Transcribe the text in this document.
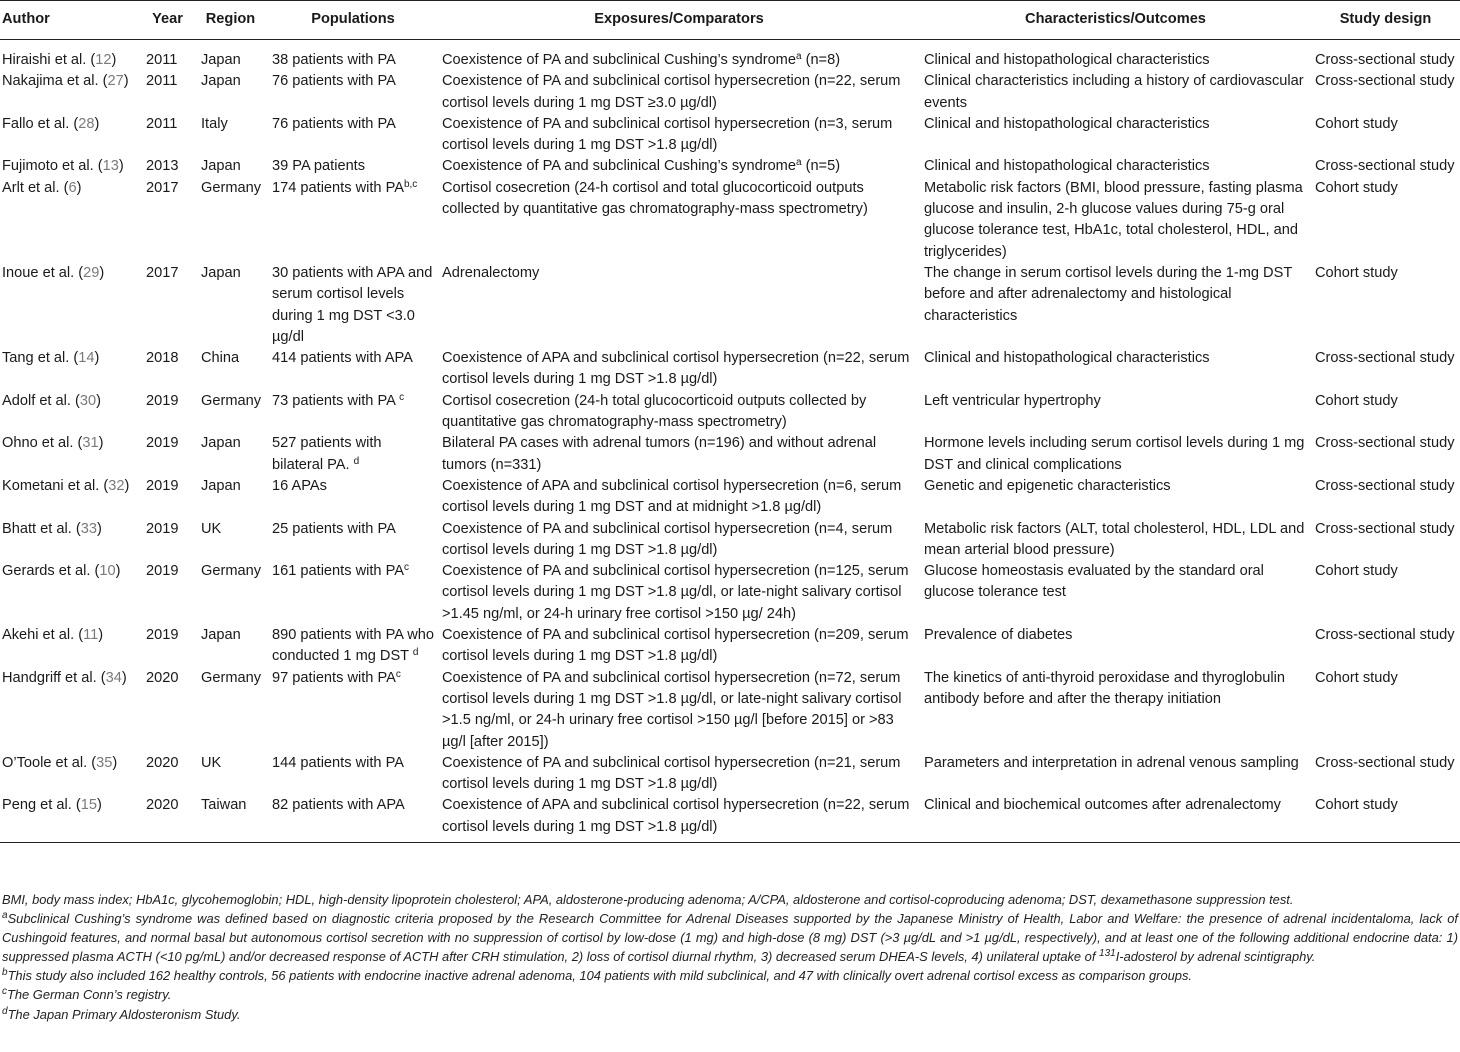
Author	Year	Region	Populations	Exposures/Comparators	Characteristics/Outcomes	Study design
Hiraishi et al. (12)	2011	Japan	38 patients with PA	Coexistence of PA and subclinical Cushing’s syndrome$^a$ (n=8)	Clinical and histopathological characteristics	Cross-sectional study
Nakajima et al. (27)	2011	Japan	76 patients with PA	Coexistence of PA and subclinical cortisol hypersecretion (n=22, serum cortisol levels during 1 mg DST ≥3.0 µg/dl)	Clinical characteristics including a history of cardiovascular events	Cross-sectional study
Fallo et al. (28)	2011	Italy	76 patients with PA	Coexistence of PA and subclinical cortisol hypersecretion (n=3, serum cortisol levels during 1 mg DST >1.8 µg/dl)	Clinical and histopathological characteristics	Cohort study
Fujimoto et al. (13)	2013	Japan	39 PA patients	Coexistence of PA and subclinical Cushing’s syndrome$^a$ (n=5)	Clinical and histopathological characteristics	Cross-sectional study
Arlt et al. (6)	2017	Germany	174 patients with PA$^{b,c}$	Cortisol cosecretion (24-h cortisol and total glucocorticoid outputs collected by quantitative gas chromatography-mass spectrometry)	Metabolic risk factors (BMI, blood pressure, fasting plasma glucose and insulin, 2-h glucose values during 75-g oral glucose tolerance test, HbA1c, total cholesterol, HDL, and triglycerides)	Cohort study
Inoue et al. (29)	2017	Japan	30 patients with APA and serum cortisol levels during 1 mg DST <3.0 µg/dl	Adrenalectomy	The change in serum cortisol levels during the 1-mg DST before and after adrenalectomy and histological characteristics	Cohort study
Tang et al. (14)	2018	China	414 patients with APA	Coexistence of APA and subclinical cortisol hypersecretion (n=22, serum cortisol levels during 1 mg DST >1.8 µg/dl)	Clinical and histopathological characteristics	Cross-sectional study
Adolf et al. (30)	2019	Germany	73 patients with PA $^c$	Cortisol cosecretion (24-h total glucocorticoid outputs collected by quantitative gas chromatography-mass spectrometry)	Left ventricular hypertrophy	Cohort study
Ohno et al. (31)	2019	Japan	527 patients with bilateral PA. $^d$	Bilateral PA cases with adrenal tumors (n=196) and without adrenal tumors (n=331)	Hormone levels including serum cortisol levels during 1 mg DST and clinical complications	Cross-sectional study
Kometani et al. (32)	2019	Japan	16 APAs	Coexistence of APA and subclinical cortisol hypersecretion (n=6, serum cortisol levels during 1 mg DST and at midnight >1.8 µg/dl)	Genetic and epigenetic characteristics	Cross-sectional study
Bhatt et al. (33)	2019	UK	25 patients with PA	Coexistence of PA and subclinical cortisol hypersecretion (n=4, serum cortisol levels during 1 mg DST >1.8 µg/dl)	Metabolic risk factors (ALT, total cholesterol, HDL, LDL and mean arterial blood pressure)	Cross-sectional study
Gerards et al. (10)	2019	Germany	161 patients with $PA^c$	Coexistence of PA and subclinical cortisol hypersecretion (n=125, serum cortisol levels during 1 mg DST >1.8 µg/dl, or late-night salivary cortisol >1.45 ng/ml, or 24-h urinary free cortisol >150 µg/ 24h)	Glucose homeostasis evaluated by the standard oral glucose tolerance test	Cohort study
Akehi et al. (11)	2019	Japan	890 patients with PA who conducted 1 mg DST $^d$	Coexistence of PA and subclinical cortisol hypersecretion (n=209, serum cortisol levels during 1 mg DST >1.8 µg/dl)	Prevalence of diabetes	Cross-sectional study
Handgriff et al. (34)	2020	Germany	97 patients with $PA^c$	Coexistence of PA and subclinical cortisol hypersecretion (n=72, serum cortisol levels during 1 mg DST >1.8 µg/dl, or late-night salivary cortisol >1.5 ng/ml, or 24-h urinary free cortisol >150 µg/l [before 2015] or >83 µg/l [after 2015])	The kinetics of anti-thyroid peroxidase and thyroglobulin antibody before and after the therapy initiation	Cohort study
O’Toole et al. (35)	2020	UK	144 patients with PA	Coexistence of PA and subclinical cortisol hypersecretion (n=21, serum cortisol levels during 1 mg DST >1.8 µg/dl)	Parameters and interpretation in adrenal venous sampling	Cross-sectional study
Peng et al. (15)	2020	Taiwan	82 patients with APA	Coexistence of APA and subclinical cortisol hypersecretion (n=22, serum cortisol levels during 1 mg DST >1.8 µg/dl)	Clinical and biochemical outcomes after adrenalectomy	Cohort study

BMI, body mass index; HbA1c, glycohemoglobin; HDL, high-density lipoprotein cholesterol; APA, aldosterone-producing adenoma; A/CPA, aldosterone and cortisol-coproducing adenoma; DST, dexamethasone suppression test.

$^a$Subclinical Cushing’s syndrome was defined based on diagnostic criteria proposed by the Research Committee for Adrenal Diseases supported by the Japanese Ministry of Health, Labor and Welfare: the presence of adrenal incidentaloma, lack of Cushingoid features, and normal basal but autonomous cortisol secretion with no suppression of cortisol by low-dose (1 mg) and high-dose (8 mg) DST (>3 µg/dL and >1 µg/dL, respectively), and at least one of the following additional endocrine data: 1) suppressed plasma ACTH (<10 pg/mL) and/or decreased response of ACTH after CRH stimulation, 2) loss of cortisol diurnal rhythm, 3) decreased serum DHEA-S levels, 4) unilateral uptake of $^{131}$I-adosterol by adrenal scintigraphy.

$^b$This study also included 162 healthy controls, 56 patients with endocrine inactive adrenal adenoma, 104 patients with mild subclinical, and 47 with clinically overt adrenal cortisol excess as comparison groups.

$^c$The German Conn’s registry.

$^d$The Japan Primary Aldosteronism Study.
